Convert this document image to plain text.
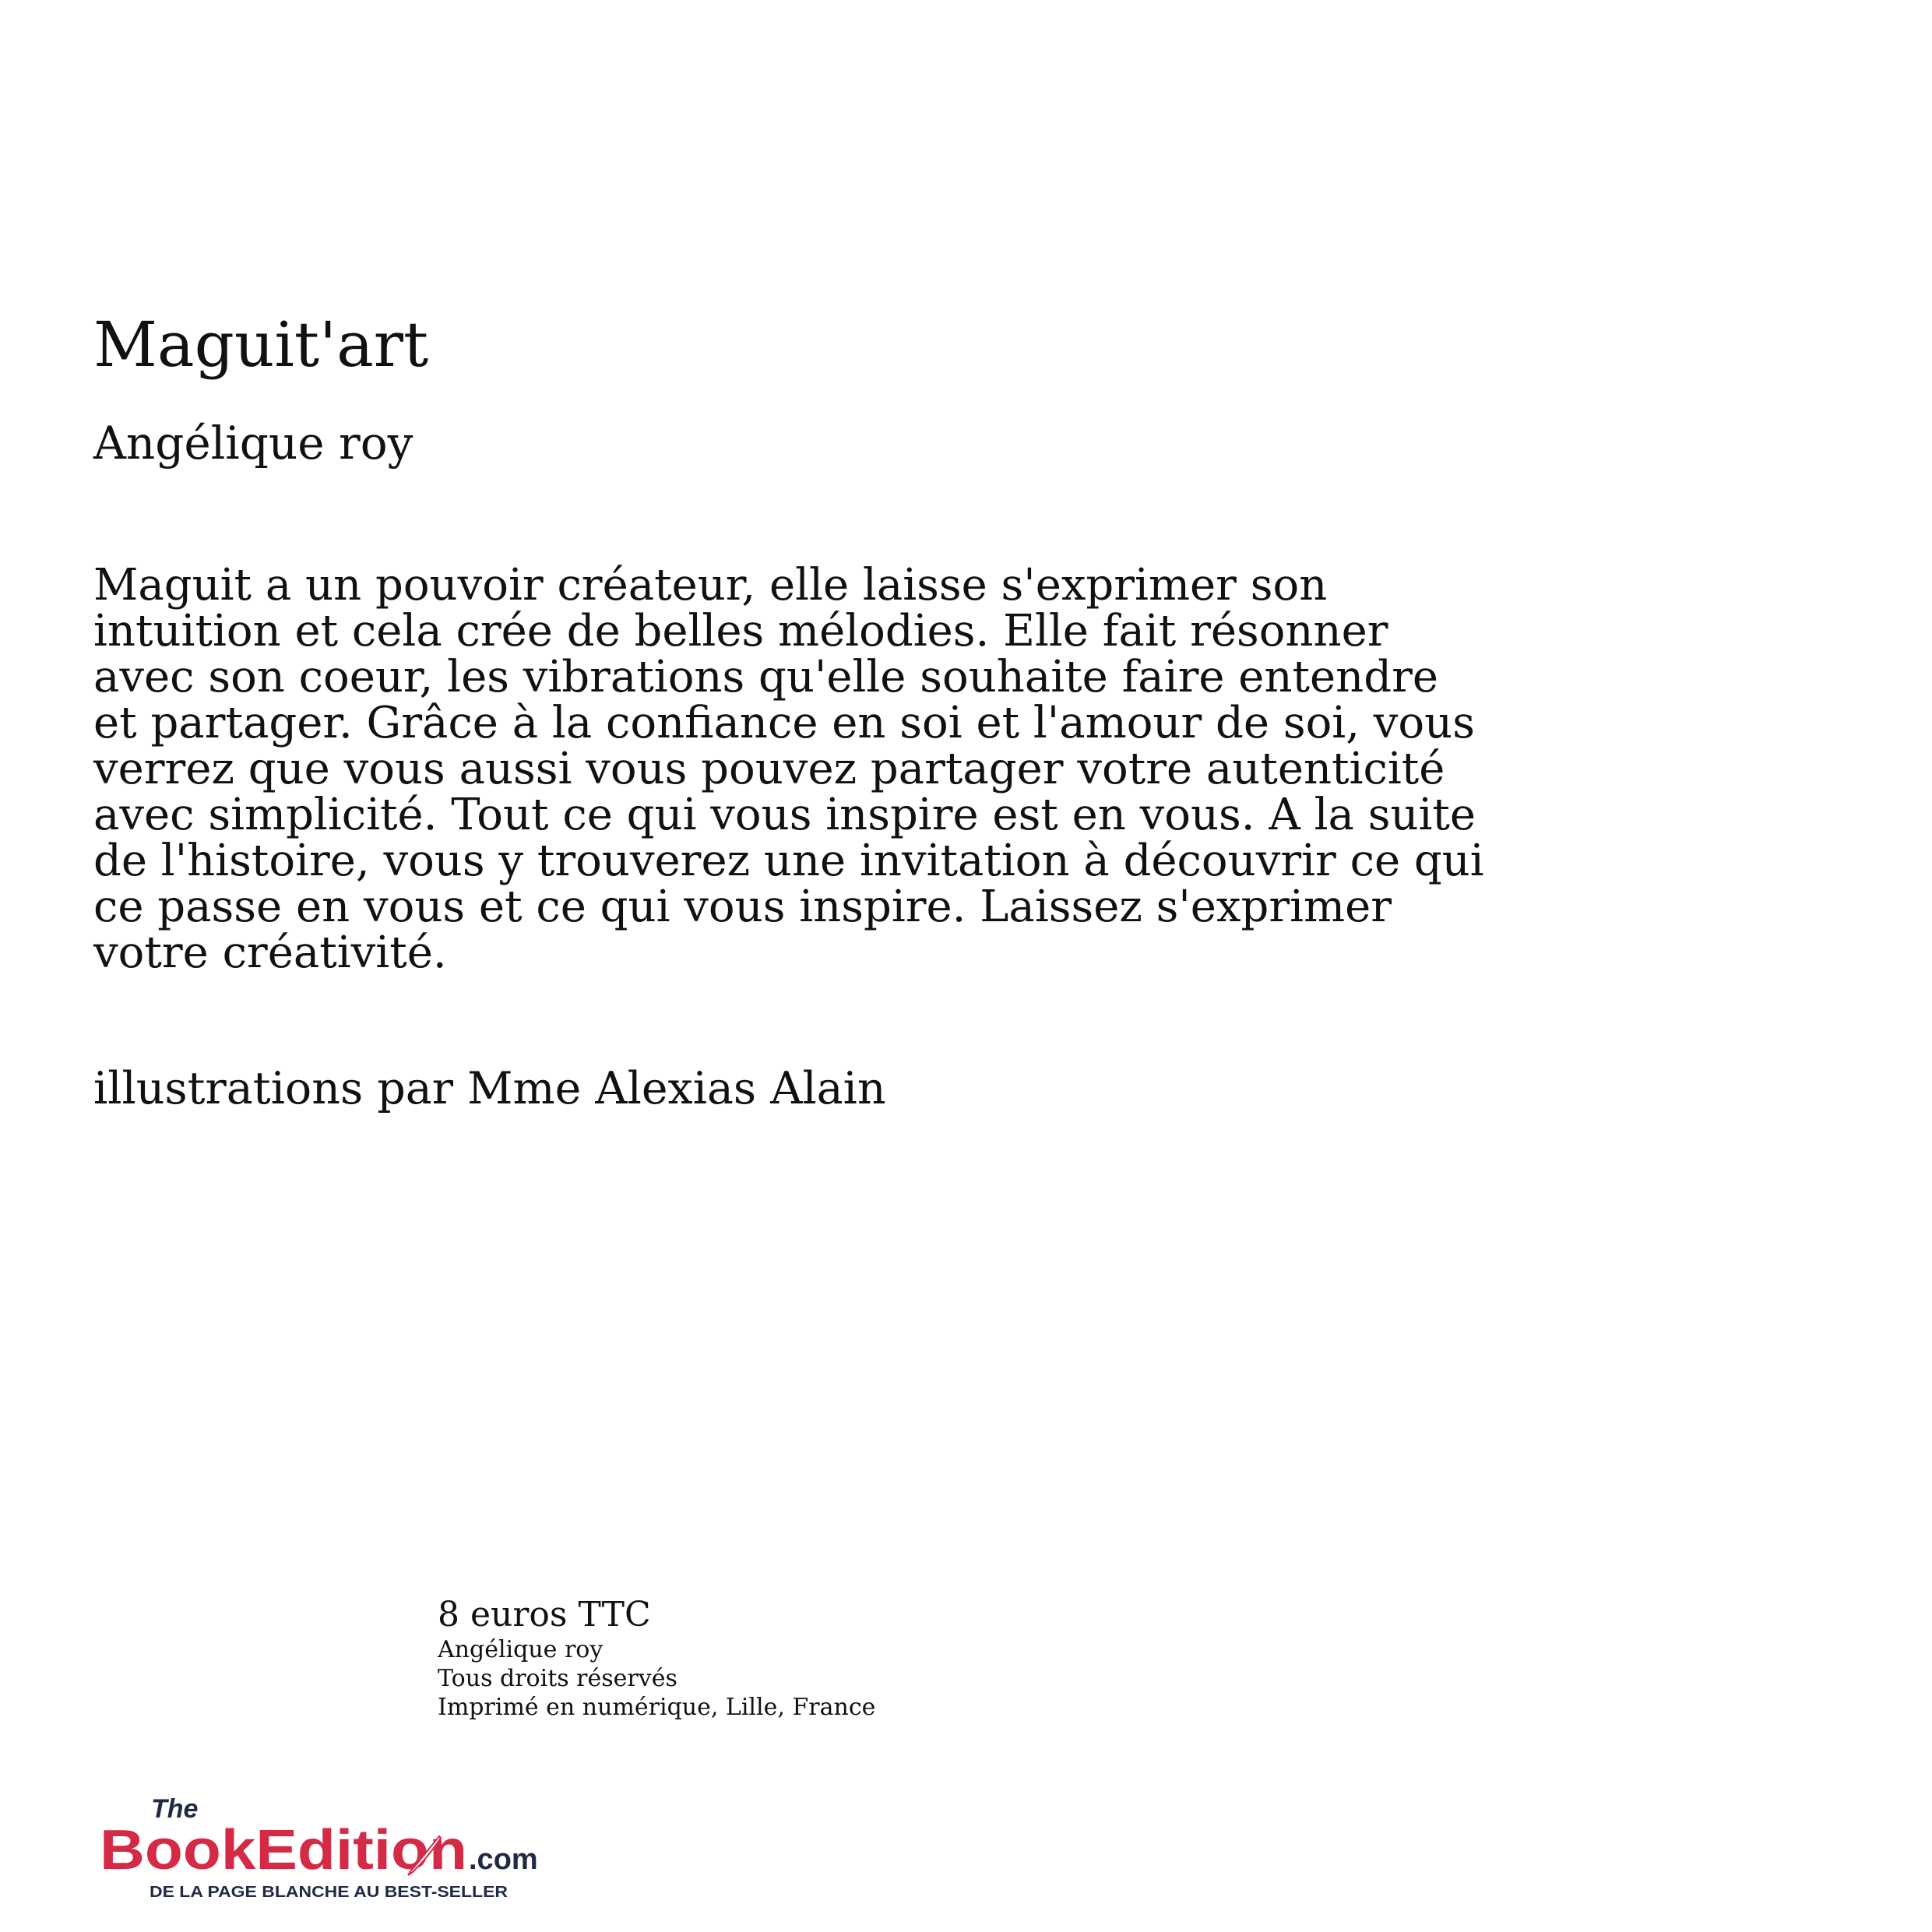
Maguit'art
Angélique roy

Maguit a un pouvoir créateur, elle laisse s'exprimer son intuition et cela crée de belles mélodies. Elle fait résonner avec son coeur, les vibrations qu'elle souhaite faire entendre et partager. Grâce à la confiance en soi et l'amour de soi, vous verrez que vous aussi vous pouvez partager votre autenticité avec simplicité. Tout ce qui vous inspire est en vous. A la suite de l'histoire, vous y trouverez une invitation à découvrir ce qui ce passe en vous et ce qui vous inspire. Laissez s'exprimer votre créativité.

illustrations par Mme Alexias Alain

8 euros TTC
Angélique roy
Tous droits réservés
Imprimé en numérique, Lille, France
The
BookEditi on .com
DE LA PAGE BLANCHE AU BEST-SELLER
